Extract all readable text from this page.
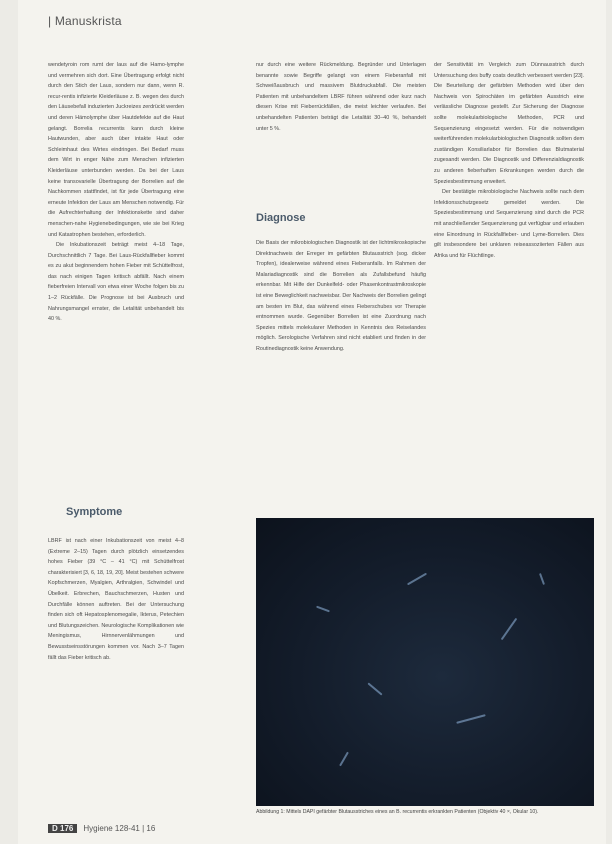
| Manuskrista

wendetyroin rom rumt der laus auf die Hamo-lymphe und vermehren sich dort. Eine Übertragung erfolgt nicht durch den Stich der Laus, sondern nur dann, wenn R. recur-rentis infizierte Kleiderläuse z. B. wegen des durch den Läusebefall induzierten Juckreizes zerdrückt werden und deren Hämolymphe über Hautdefekte auf die Haut gelangt. Borrelia recurrentis kann durch kleine Hautwunden, aber auch über intakte Haut oder Schleimhaut des Wirtes eindringen. Bei Bedarf muss dem Wirt in enger Nähe zum Menschen infizierten Kleiderläuse unterbunden werden. Da bei der Laus keine transovarielle Übertragung der Borrelien auf die Nachkommen stattfindet, ist für jede Übertragung eine erneute Infektion der Laus am Menschen notwendig. Für die Aufrechterhaltung der Infektionskette sind daher menschen-nahe Hygienebedingungen, wie sie bei Krieg und Katastrophen bestehen, erforderlich.

Die Inkubationszeit beträgt meist 4–18 Tage, Durchschnittlich 7 Tage. Bei Laus-Rückfallfieber kommt es zu akut beginnendem hohen Fieber mit Schüttelfrost, das nach einigen Tagen kritisch abfällt. Nach einem fieberfreien Intervall von etwa einer Woche folgen bis zu 1–2 Rückfälle. Die Prognose ist bei Ausbruch und Nahrungsmangel ernster, die Letalität unbehandelt bis 40 %.

nur durch eine weitere Rückmeldung. Begründer und Unterlagen benannte sowie Begriffe gelangt von einem Fieberanfall mit Schweißausbruch und massivem Blutdruckabfall. Die meisten Patienten mit unbehandeltem LBRF führen während oder kurz nach diesen Krise mit Fieberrückfällen, die meist leichter verlaufen. Bei unbehandelten Patienten beträgt die Letalität 30–40 %, behandelt unter 5 %.

Diagnose

Die Basis der mikrobiologischen Diagnostik ist der lichtmikroskopische Direktnachweis der Erreger im gefärbten Blutausstrich (sog. dicker Tropfen), idealerweise während eines Fieberanfalls. Im Rahmen der Malariadiagnostik sind die Borrelien als Zufallsbefund häufig erkennbar. Mit Hilfe der Dunkelfeld- oder Phasenkontrastmikroskopie ist eine Beweglichkeit nachweisbar. Der Nachweis der Borrelien gelingt am besten im Blut, das während eines Fieberschubes vor Therapie entnommen wurde. Gegenüber Borrelien ist eine Zuordnung nach Spezies mittels molekularer Methoden in Kenntnis des Reiselandes möglich. Serologische Verfahren sind nicht etabliert und finden in der Routinediagnostik keine Anwendung.

der Sensitivität im Vergleich zum Dünnausstrich durch Untersuchung des buffy coats deutlich verbessert werden [23]. Die Beurteilung der gefärbten Methoden wird über den Nachweis von Spirochäten im gefärbten Ausstrich eine verlässliche Diagnose gestellt. Zur Sicherung der Diagnose sollte molekularbiologische Methoden, PCR und Sequenzierung eingesetzt werden. Für die notwendigen weiterführenden molekularbiologischen Diagnostik sollten dem zuständigen Konsiliarlabor für Borrelien das Blutmaterial zugesandt werden. Die Diagnostik und Differenzialdiagnostik zu anderen fieberhaften Erkrankungen werden durch die Speziesbestimmung erweitert.

Der bestätigte mikrobiologische Nachweis sollte nach dem Infektionsschutzgesetz gemeldet werden. Die Speziesbestimmung und Sequenzierung sind durch die PCR mit anschließender Sequenzierung gut verfügbar und erlauben eine Einordnung in Rückfallfieber- und Lyme-Borrelien. Dies gilt insbesondere bei unklaren reiseassoziierten Fällen aus Afrika und für Flüchtlinge.

Symptome

LBRF ist nach einer Inkubationszeit von meist 4–8 (Extreme 2–15) Tagen durch plötzlich einsetzendes hohes Fieber (39 °C – 41 °C) mit Schüttelfrost charakterisiert [3, 6, 18, 19, 20]. Meist bestehen schwere Kopfschmerzen, Myalgien, Arthralgien, Schwindel und Übelkeit. Erbrechen, Bauchschmerzen, Husten und Durchfälle können auftreten. Bei der Untersuchung finden sich oft Hepatosplenomegalie, Ikterus, Petechien und Blutungszeichen. Neurologische Komplikationen wie Meningismus, Hirnnervenlähmungen und Bewusstseinsstörungen kommen vor. Nach 3–7 Tagen fällt das Fieber kritisch ab.

Abbildung 1: Mittels DAPI gefärbter Blutausstriches eines an B. recurrentis erkrankten Patienten (Objektiv 40 ×, Okular 10).
D 176	Hygiene 128-41 | 16
